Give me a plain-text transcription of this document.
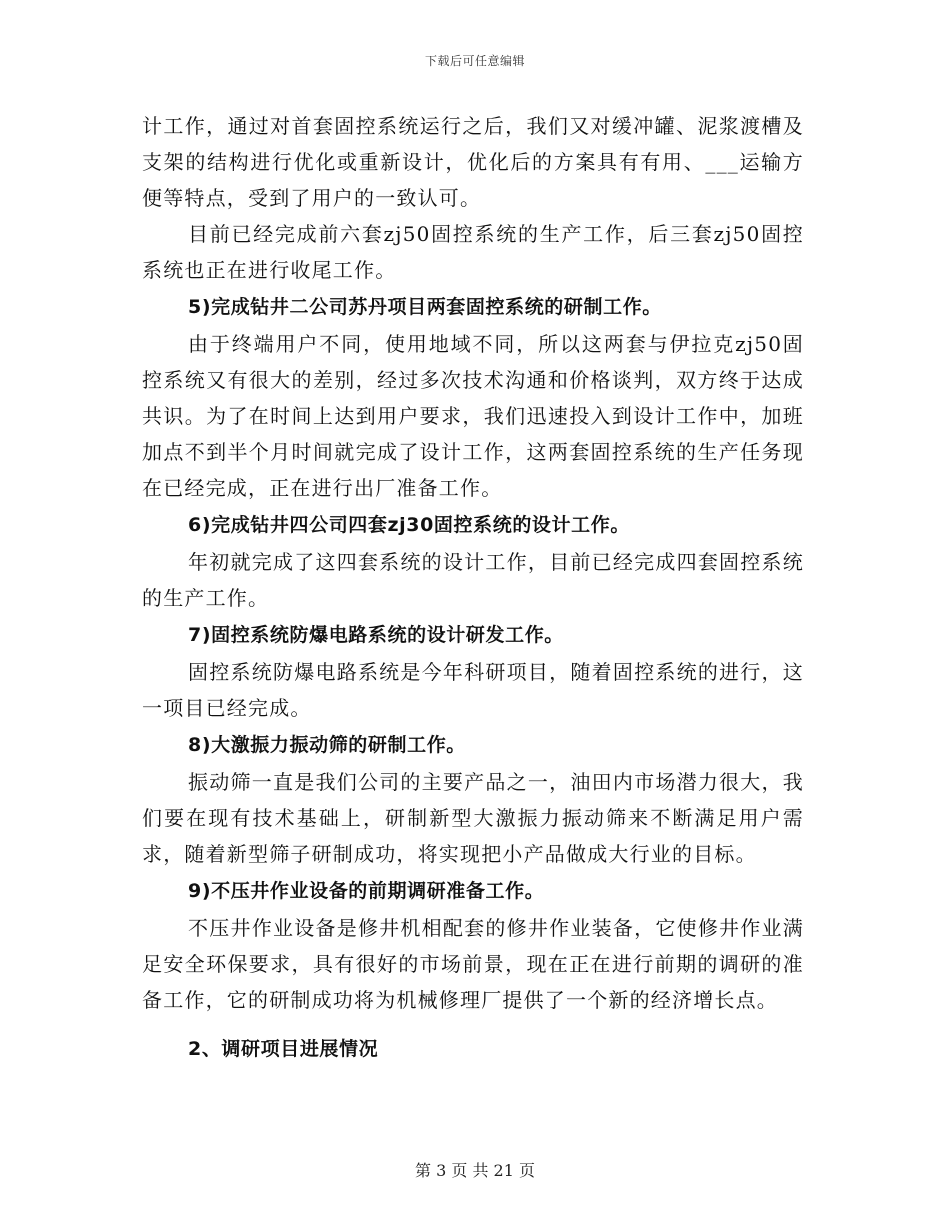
下载后可任意编辑

计工作，通过对首套固控系统运行之后，我们又对缓冲罐、泥浆渡槽及支架的结构进行优化或重新设计，优化后的方案具有有用、___运输方便等特点，受到了用户的一致认可。

目前已经完成前六套zj50固控系统的生产工作，后三套zj50固控系统也正在进行收尾工作。

5)完成钻井二公司苏丹项目两套固控系统的研制工作。

由于终端用户不同，使用地域不同，所以这两套与伊拉克zj50固控系统又有很大的差别，经过多次技术沟通和价格谈判，双方终于达成共识。为了在时间上达到用户要求，我们迅速投入到设计工作中，加班加点不到半个月时间就完成了设计工作，这两套固控系统的生产任务现在已经完成，正在进行出厂准备工作。

6)完成钻井四公司四套zj30固控系统的设计工作。

年初就完成了这四套系统的设计工作，目前已经完成四套固控系统的生产工作。

7)固控系统防爆电路系统的设计研发工作。

固控系统防爆电路系统是今年科研项目，随着固控系统的进行，这一项目已经完成。

8)大激振力振动筛的研制工作。

振动筛一直是我们公司的主要产品之一，油田内市场潜力很大，我们要在现有技术基础上，研制新型大激振力振动筛来不断满足用户需求，随着新型筛子研制成功，将实现把小产品做成大行业的目标。

9)不压井作业设备的前期调研准备工作。

不压井作业设备是修井机相配套的修井作业装备，它使修井作业满足安全环保要求，具有很好的市场前景，现在正在进行前期的调研的准备工作，它的研制成功将为机械修理厂提供了一个新的经济增长点。

2、调研项目进展情况

第 3 页 共 21 页
